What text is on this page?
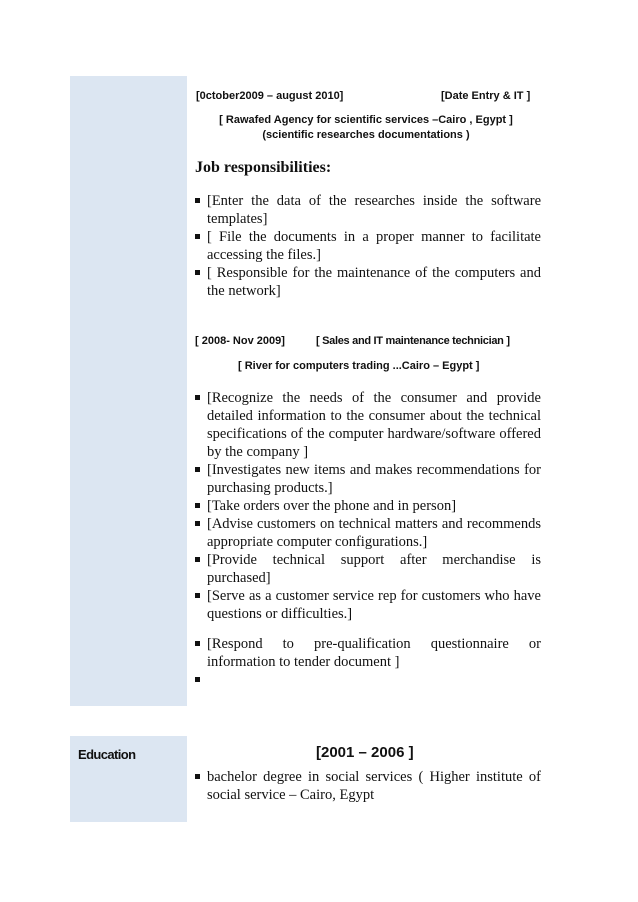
[0ctober2009 – august 2010]	[Date Entry & IT ]
[ Rawafed Agency for scientific services –Cairo , Egypt ]
(scientific researches documentations )
Job responsibilities:
[Enter the data of the researches inside the software templates]
[ File the documents in a proper manner to facilitate accessing the files.]
[ Responsible for the maintenance of the computers and the network]
[ 2008- Nov 2009]	[ Sales and IT maintenance technician ]
[ River for computers trading ...Cairo – Egypt ]
[Recognize the needs of the consumer and provide detailed information to the consumer about the technical specifications of the computer hardware/software offered by the company ]
[Investigates new items and makes recommendations for purchasing products.]
[Take orders over the phone and in person]
[Advise customers on technical matters and recommends appropriate computer configurations.]
[Provide technical support after merchandise is purchased]
[Serve as a customer service rep for customers who have questions or difficulties.]
[Respond to pre-qualification questionnaire or information to tender document ]
Education	[2001 – 2006 ]
bachelor degree in social services ( Higher institute of social service – Cairo, Egypt
